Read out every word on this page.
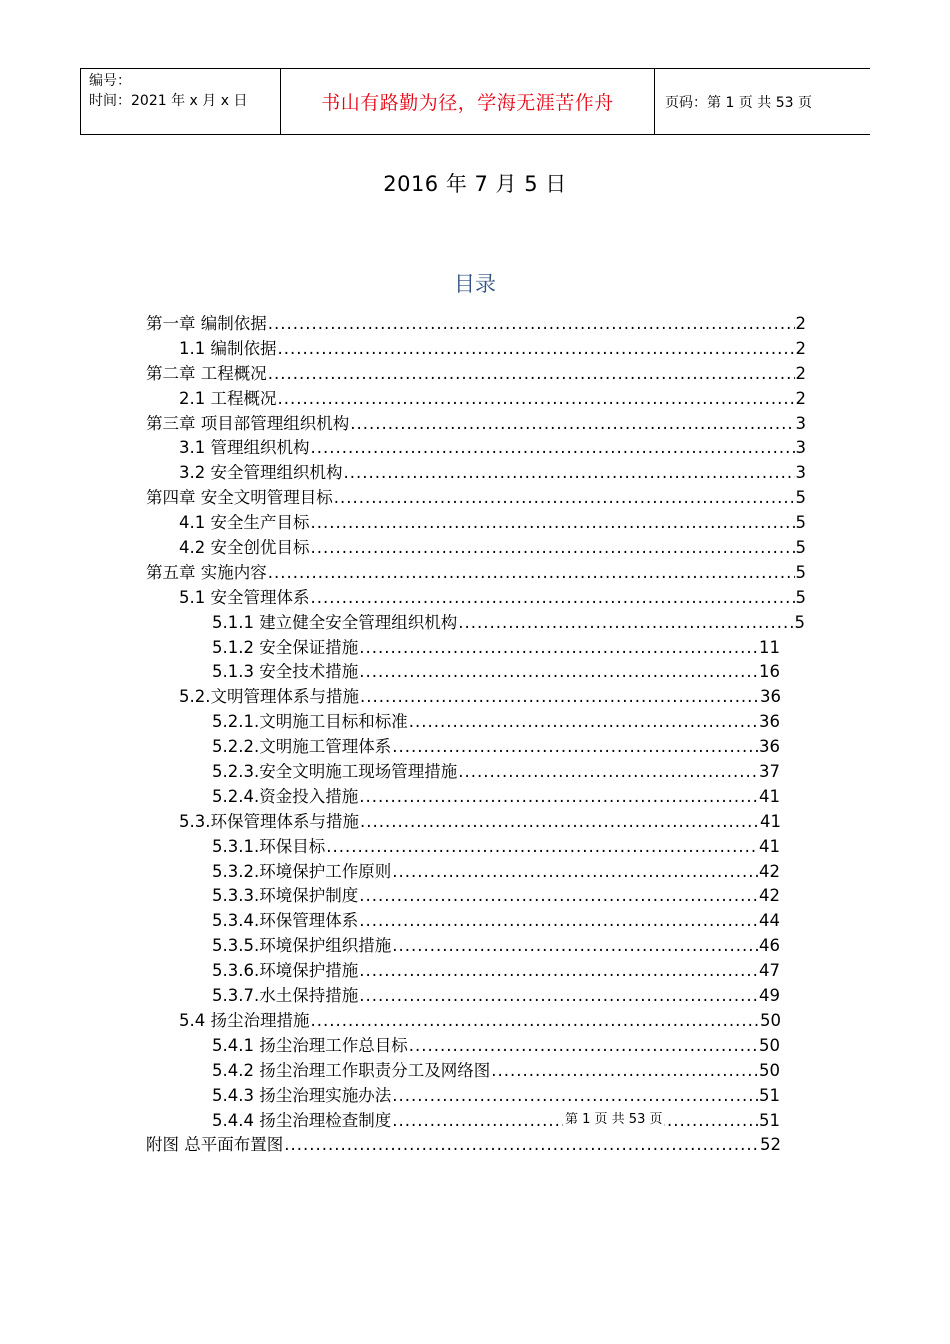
编号：
时间：2021 年 x 月 x 日	书山有路勤为径，学海无涯苦作舟	页码：第 1 页 共 53 页
2016 年 7 月 5 日
目录
第一章 编制依据 .....	2
1.1 编制依据 .....	2
第二章 工程概况 .....	2
2.1 工程概况 .....	2
第三章 项目部管理组织机构 .....	3
3.1 管理组织机构 .....	3
3.2 安全管理组织机构 .....	3
第四章 安全文明管理目标 .....	5
4.1 安全生产目标 .....	5
4.2 安全创优目标 .....	5
第五章 实施内容 .....	5
5.1 安全管理体系 .....	5
5.1.1 建立健全安全管理组织机构 .....	5
5.1.2 安全保证措施 .....	11
5.1.3 安全技术措施 .....	16
5.2.文明管理体系与措施 .....	36
5.2.1.文明施工目标和标准 .....	36
5.2.2.文明施工管理体系 .....	36
5.2.3.安全文明施工现场管理措施 .....	37
5.2.4.资金投入措施 .....	41
5.3.环保管理体系与措施 .....	41
5.3.1.环保目标 .....	41
5.3.2.环境保护工作原则 .....	42
5.3.3.环境保护制度 .....	42
5.3.4.环保管理体系 .....	44
5.3.5.环境保护组织措施 .....	46
5.3.6.环境保护措施 .....	47
5.3.7.水土保持措施 .....	49
5.4 扬尘治理措施 .....	50
5.4.1 扬尘治理工作总目标 .....	50
5.4.2 扬尘治理工作职责分工及网络图 .....	50
5.4.3 扬尘治理实施办法 .....	51
5.4.4 扬尘治理检查制度 .....	51
附图 总平面布置图 .....	52
第 1 页 共 53 页
